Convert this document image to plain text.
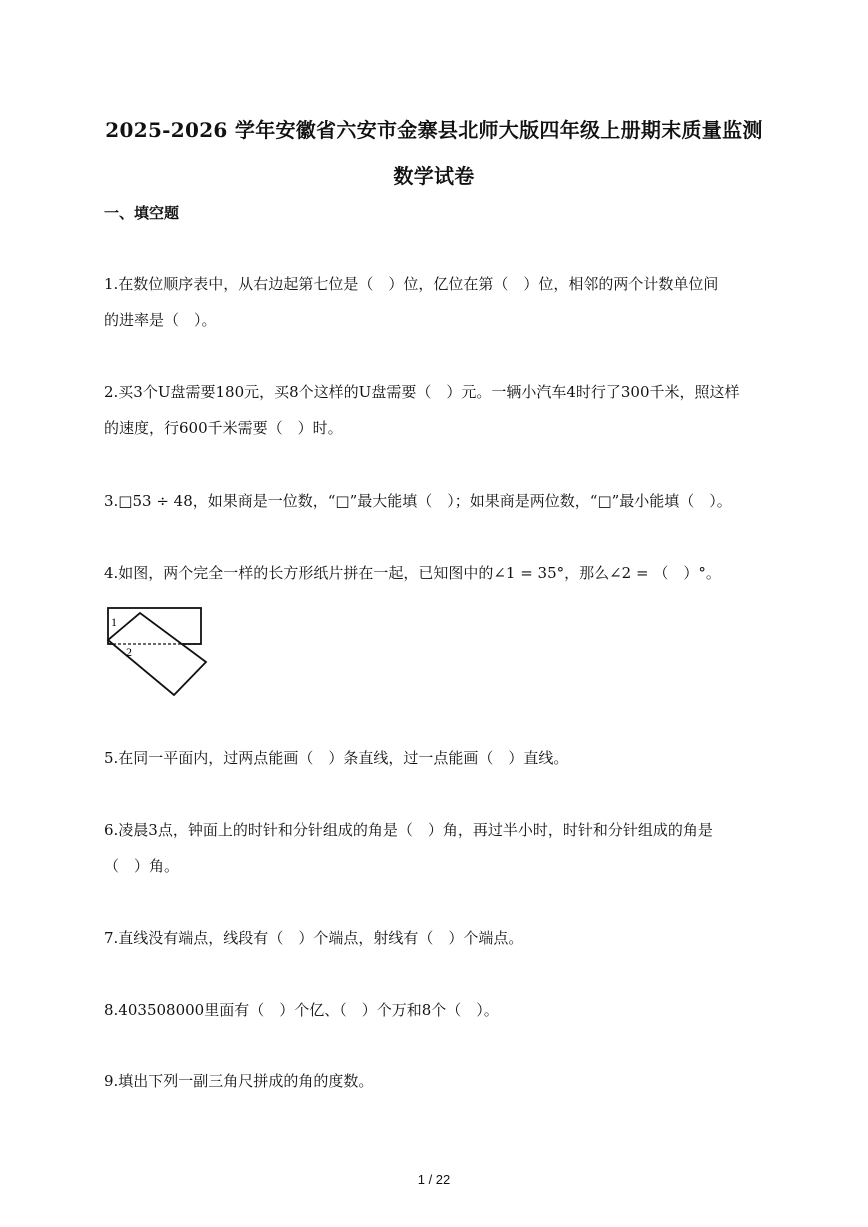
2025-2026 学年安徽省六安市金寨县北师大版四年级上册期末质量监测
数学试卷
一、填空题

1.在数位顺序表中，从右边起第七位是（　）位，亿位在第（　）位，相邻的两个计数单位间

的进率是（　）。

2.买3个U盘需要180元，买8个这样的U盘需要（　）元。一辆小汽车4时行了300千米，照这样

的速度，行600千米需要（　）时。

3.□53 ÷ 48，如果商是一位数，“□”最大能填（　）；如果商是两位数，“□”最小能填（　）。

4.如图，两个完全一样的长方形纸片拼在一起，已知图中的∠1 = 35°，那么∠2 = （　）°。

1
2

5.在同一平面内，过两点能画（　）条直线，过一点能画（　）直线。

6.凌晨3点，钟面上的时针和分针组成的角是（　）角，再过半小时，时针和分针组成的角是

（　）角。

7.直线没有端点，线段有（　）个端点，射线有（　）个端点。

8.403508000里面有（　）个亿、（　）个万和8个（　）。

9.填出下列一副三角尺拼成的角的度数。

1 / 22
